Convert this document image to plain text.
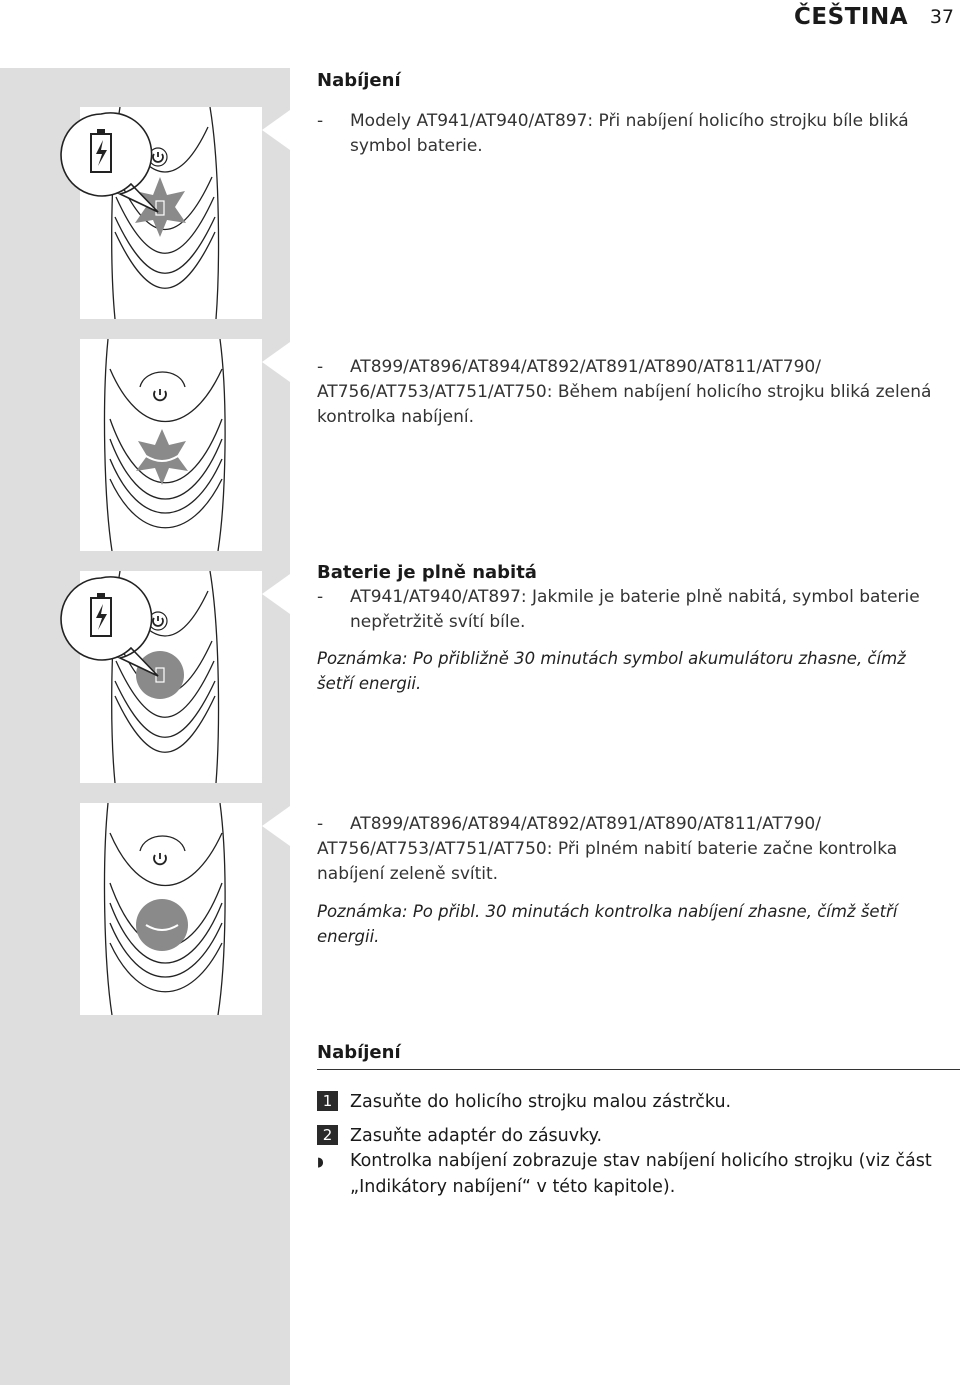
ČEŠTINA 37
Nabíjení
- Modely AT941/AT940/AT897: Při nabíjení holicího strojku bíle bliká
symbol baterie.
- AT899/AT896/AT894/AT892/AT891/AT890/AT811/AT790/
AT756/AT753/AT751/AT750: Během nabíjení holicího strojku bliká zelená
kontrolka nabíjení.
Baterie je plně nabitá
- AT941/AT940/AT897: Jakmile je baterie plně nabitá, symbol baterie
nepřetržitě svítí bíle.
Poznámka: Po přibližně 30 minutách symbol akumulátoru zhasne, čímž šetří energii.
- AT899/AT896/AT894/AT892/AT891/AT890/AT811/AT790/
AT756/AT753/AT751/AT750: Při plném nabití baterie začne kontrolka
nabíjení zeleně svítit.
Poznámka: Po přibl. 30 minutách kontrolka nabíjení zhasne, čímž šetří energii.
Nabíjení
1 Zasuňte do holicího strojku malou zástrčku.
2 Zasuňte adaptér do zásuvky.
◗ Kontrolka nabíjení zobrazuje stav nabíjení holicího strojku (viz část
„Indikátory nabíjení“ v této kapitole).
